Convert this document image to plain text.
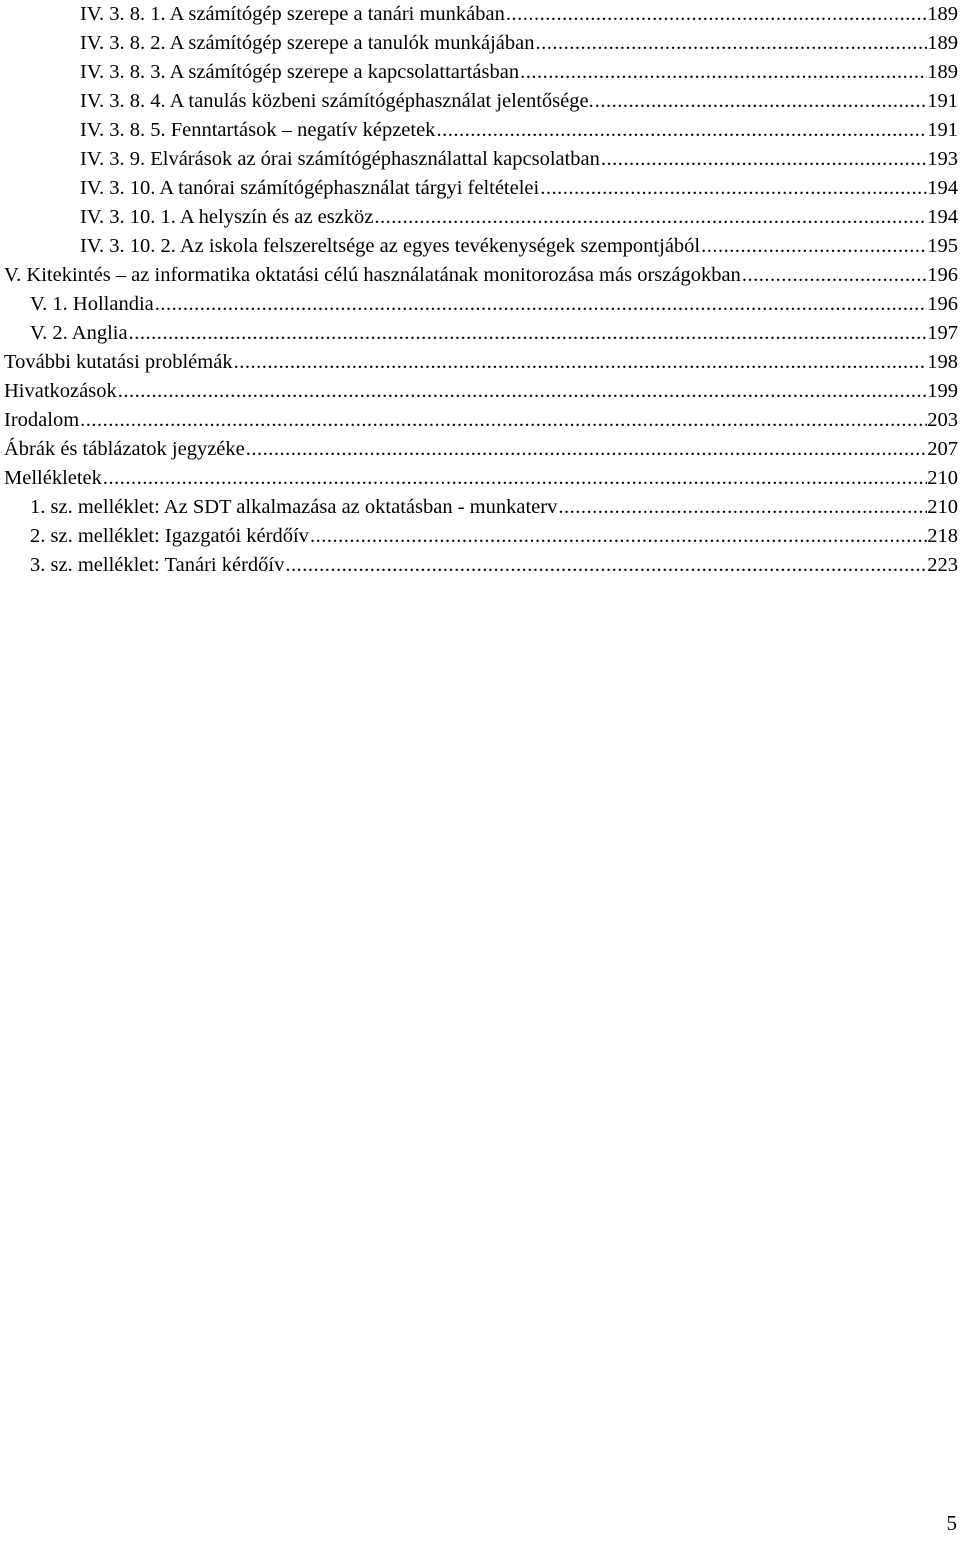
IV. 3. 8. 1. A számítógép szerepe a tanári munkában .....	189
IV. 3. 8. 2. A számítógép szerepe a tanulók munkájában .....	189
IV. 3. 8. 3. A számítógép szerepe a kapcsolattartásban .....	189
IV. 3. 8. 4. A tanulás közbeni számítógéphasználat jelentősége. .....	191
IV. 3. 8. 5. Fenntartások – negatív képzetek .....	191
IV. 3. 9. Elvárások az órai számítógéphasználattal kapcsolatban .....	193
IV. 3. 10. A tanórai számítógéphasználat tárgyi feltételei .....	194
IV. 3. 10. 1. A helyszín és az eszköz .....	194
IV. 3. 10. 2. Az iskola felszereltsége az egyes tevékenységek szempontjából .....	195
V. Kitekintés – az informatika oktatási célú használatának monitorozása más országokban .....	196
V. 1. Hollandia .....	196
V. 2. Anglia .....	197
További kutatási problémák .....	198
Hivatkozások .....	199
Irodalom .....	203
Ábrák és táblázatok jegyzéke .....	207
Mellékletek .....	210
1. sz. melléklet: Az SDT alkalmazása az oktatásban - munkaterv .....	210
2. sz. melléklet: Igazgatói kérdőív .....	218
3. sz. melléklet: Tanári kérdőív .....	223
5
